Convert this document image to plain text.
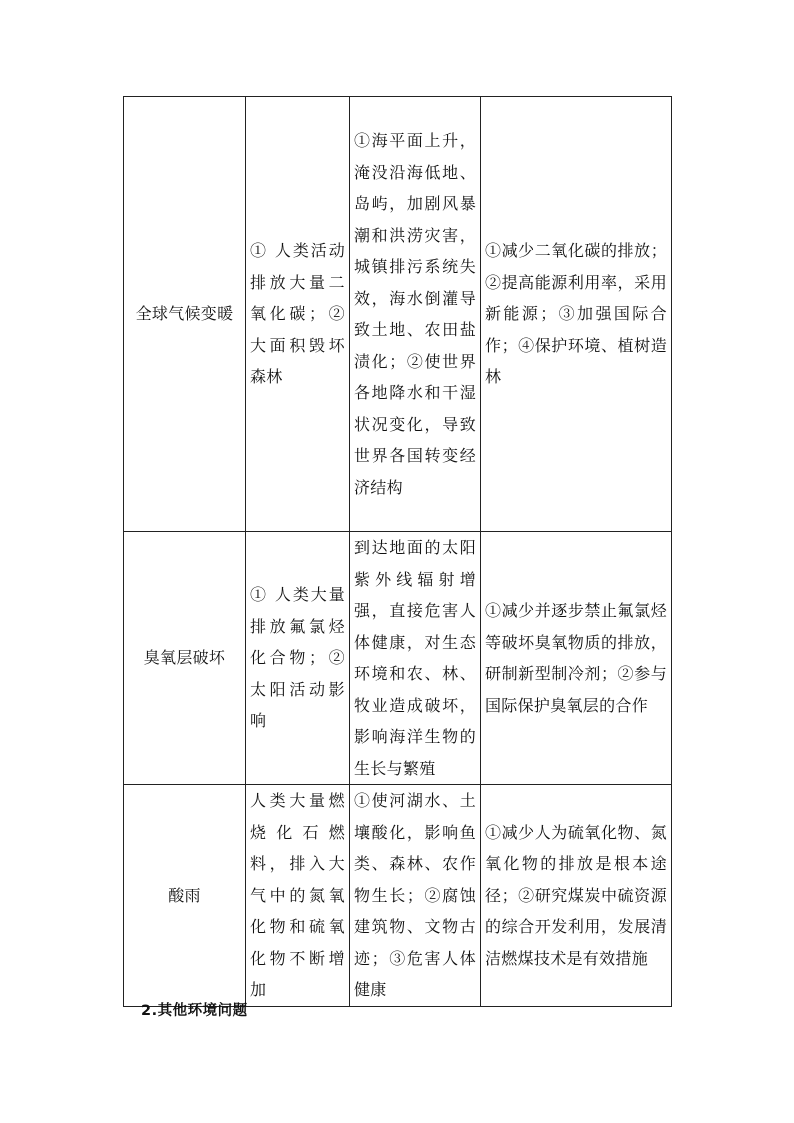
全球气候变暖	① 人类活动排放大量二氧化碳；② 大面积毁坏森林	①海平面上升，淹没沿海低地、岛屿，加剧风暴潮和洪涝灾害，城镇排污系统失效，海水倒灌导致土地、农田盐渍化；②使世界各地降水和干湿状况变化，导致世界各国转变经济结构	①减少二氧化碳的排放；②提高能源利用率，采用新能源；③加强国际合作；④保护环境、植树造林
臭氧层破坏	① 人类大量排放氟氯烃化合物；②太阳活动影响	到达地面的太阳紫外线辐射增强，直接危害人体健康，对生态环境和农、林、牧业造成破坏，影响海洋生物的生长与繁殖	①减少并逐步禁止氟氯烃等破坏臭氧物质的排放，研制新型制冷剂；②参与国际保护臭氧层的合作
酸雨	人类大量燃烧化石燃料，排入大气中的氮氧化物和硫氧化物不断增加	①使河湖水、土壤酸化，影响鱼类、森林、农作物生长；②腐蚀建筑物、文物古迹；③危害人体健康	①减少人为硫氧化物、氮氧化物的排放是根本途径；②研究煤炭中硫资源的综合开发利用，发展清洁燃煤技术是有效措施
2.其他环境问题
